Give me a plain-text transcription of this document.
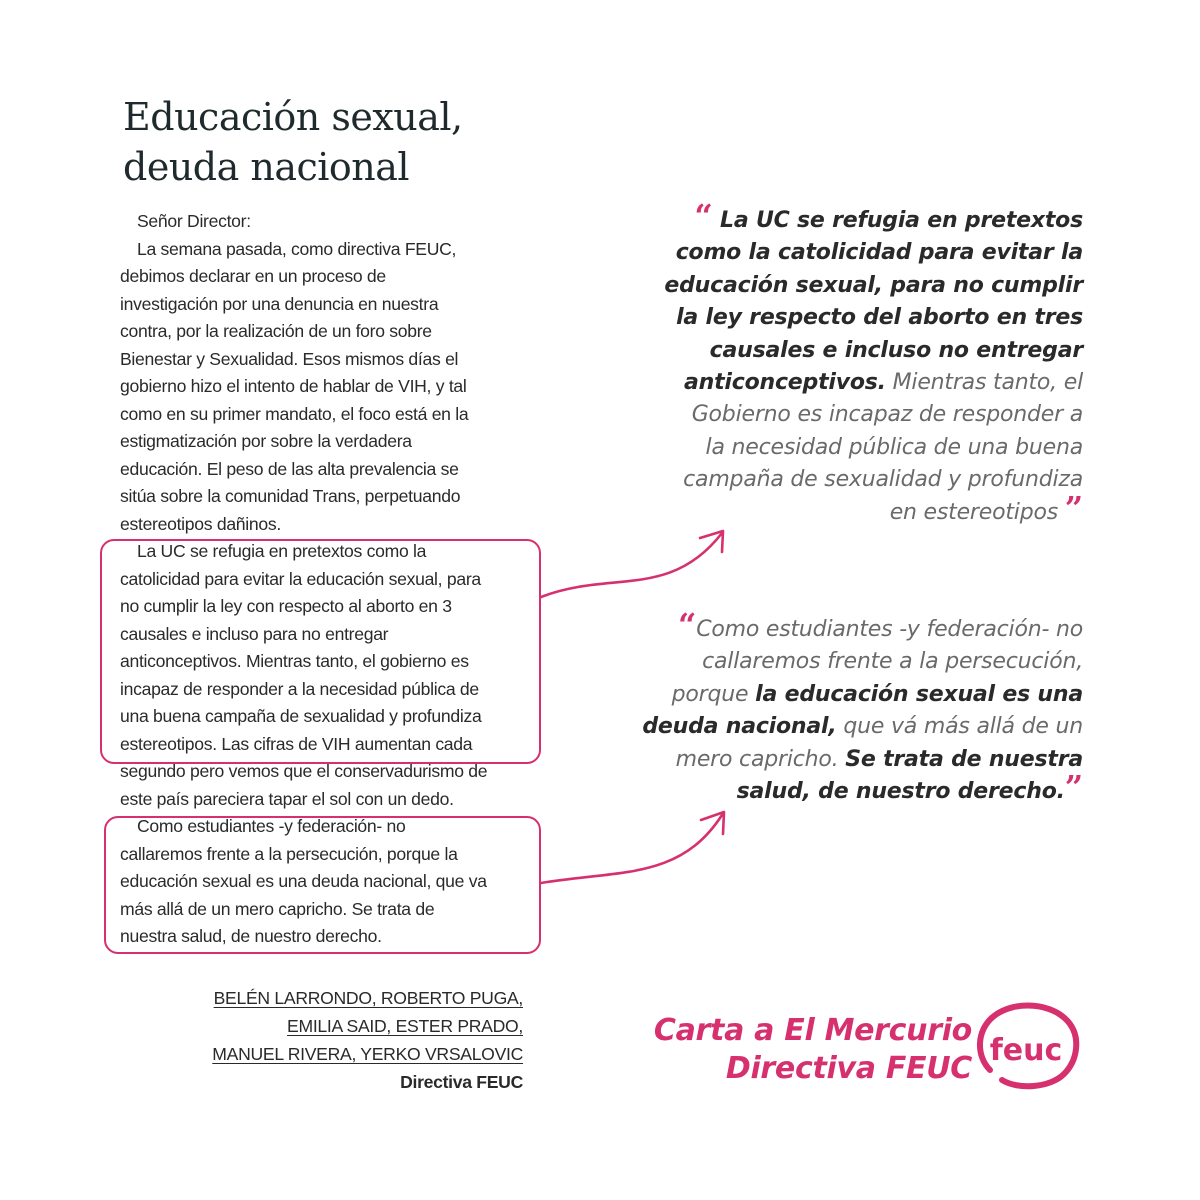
Educación sexual,
deuda nacional
Señor Director:
La semana pasada, como directiva FEUC,
debimos declarar en un proceso de
investigación por una denuncia en nuestra
contra, por la realización de un foro sobre
Bienestar y Sexualidad. Esos mismos días el
gobierno hizo el intento de hablar de VIH, y tal
como en su primer mandato, el foco está en la
estigmatización por sobre la verdadera
educación. El peso de las alta prevalencia se
sitúa sobre la comunidad Trans, perpetuando
estereotipos dañinos.
La UC se refugia en pretextos como la
catolicidad para evitar la educación sexual, para
no cumplir la ley con respecto al aborto en 3
causales e incluso para no entregar
anticonceptivos. Mientras tanto, el gobierno es
incapaz de responder a la necesidad pública de
una buena campaña de sexualidad y profundiza
estereotipos. Las cifras de VIH aumentan cada
segundo pero vemos que el conservadurismo de
este país pareciera tapar el sol con un dedo.
Como estudiantes -y federación- no
callaremos frente a la persecución, porque la
educación sexual es una deuda nacional, que va
más allá de un mero capricho. Se trata de
nuestra salud, de nuestro derecho.
“ La UC se refugia en pretextos
como la catolicidad para evitar la
educación sexual, para no cumplir
la ley respecto del aborto en tres
causales e incluso no entregar
anticonceptivos. Mientras tanto, el
Gobierno es incapaz de responder a
la necesidad pública de una buena
campaña de sexualidad y profundiza
en estereotipos ”
“Como estudiantes -y federación- no
callaremos frente a la persecución,
porque la educación sexual es una
deuda nacional, que vá más allá de un
mero capricho. Se trata de nuestra
salud, de nuestro derecho.”
BELÉN LARRONDO, ROBERTO PUGA,
EMILIA SAID, ESTER PRADO,
MANUEL RIVERA, YERKO VRSALOVIC
Directiva FEUC
Carta a El Mercurio
Directiva FEUC
feuc
